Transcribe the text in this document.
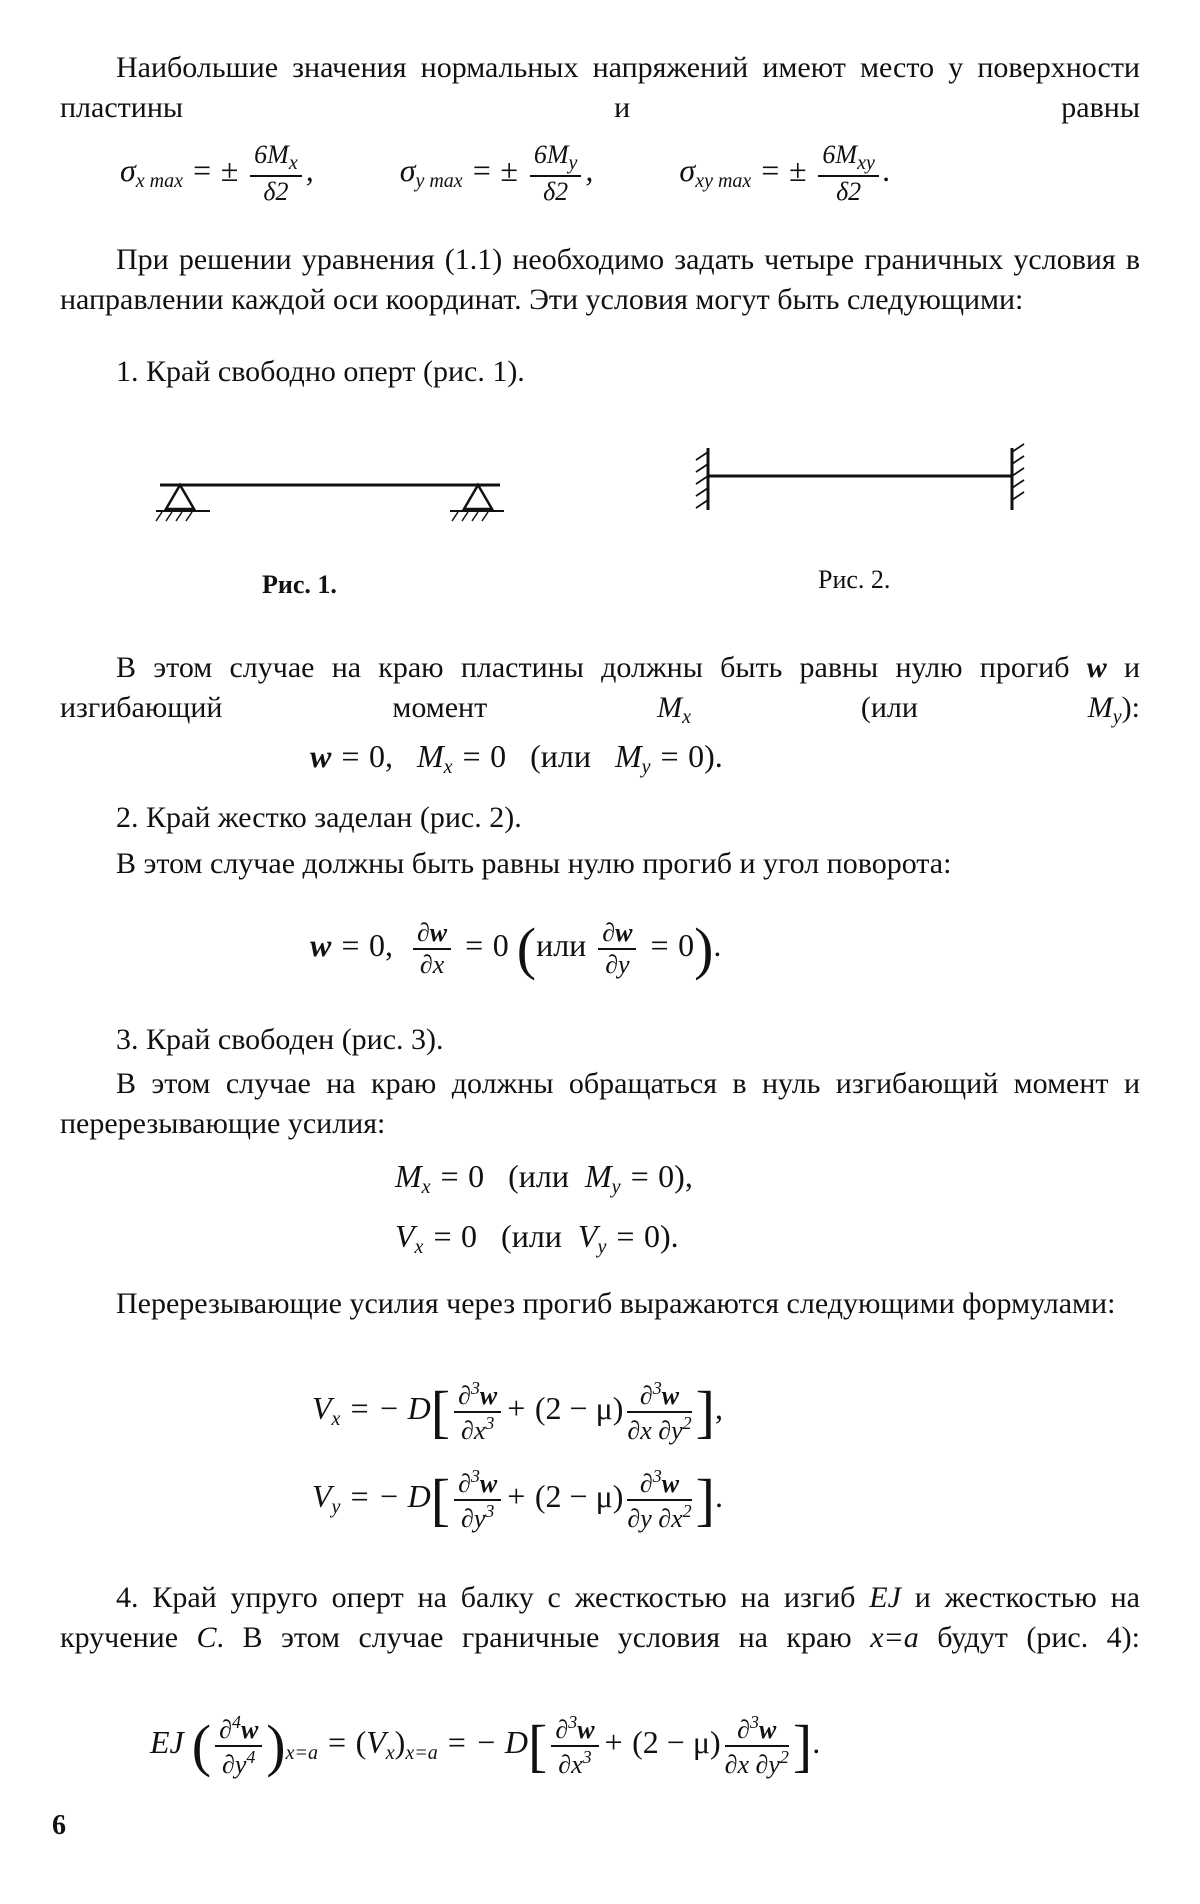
Наибольшие значения нормальных напряжений имеют место у поверхности пластины и равны
$\sigma_{x max}$ = ± $\frac{6M_x}{\delta 2}$ ,  $\sigma_{y max}$ = ± $\frac{6M_y}{\delta 2}$ ,  $\sigma_{xy max}$ = ± $6M_{xy}$
δ2
.
При решении уравнения (1.1) необходимо задать четыре граничных условия в направлении каждой оси координат. Эти условия могут быть следующими:
1. Край свободно оперт (рис. 1).
Рис. 1.	Рис. 2.
В этом случае на краю пластины должны быть равны нулю прогиб w и изгибающий момент $M_x$ (или $M_y$):
w = 0,   $M_x = 0$ (или   $M_y = 0$).
2. Край жестко заделан (рис. 2).
В этом случае должны быть равны нулю прогиб и угол поворота:
w = 0, $\frac{\partial w}{\partial x} = 0$ $(или \frac{\partial w}{\partial y} = 0)$.
3. Край свободен (рис. 3).
В этом случае на краю должны обращаться в нуль изгибающий момент и перерезывающие усилия:
$M_x = 0$   (или  $M_y = 0$),
$V_x = 0$   (или  $V_y = 0$).
Перерезывающие усилия через прогиб выражаются следующими формулами:
$V_x$ = − $D[ \frac{\partial^3w}{\partial x^3} + (2 - \mu) \frac{\partial^3w}{\partial x \partial y^2}$ ],
$V_y$ = − $D[ \frac{\partial^3w}{\partial y^3} + (2 - \mu) \frac{\partial^3w}{\partial y \partial x^2}$ ].
4. Край упруго оперт на балку с жесткостью на изгиб EJ и жесткостью на кручение C. В этом случае граничные условия на краю x=a будут (рис. 4):
EJ ( $\frac{\partial^4w}{\partial y^4} )_{x=a} = (V_x)_{x=a}$ = − $D[ \frac{\partial^3w}{\partial x^3} + (2 - \mu) \frac{\partial^3w}{\partial x \partial y^2}$ ].
6
